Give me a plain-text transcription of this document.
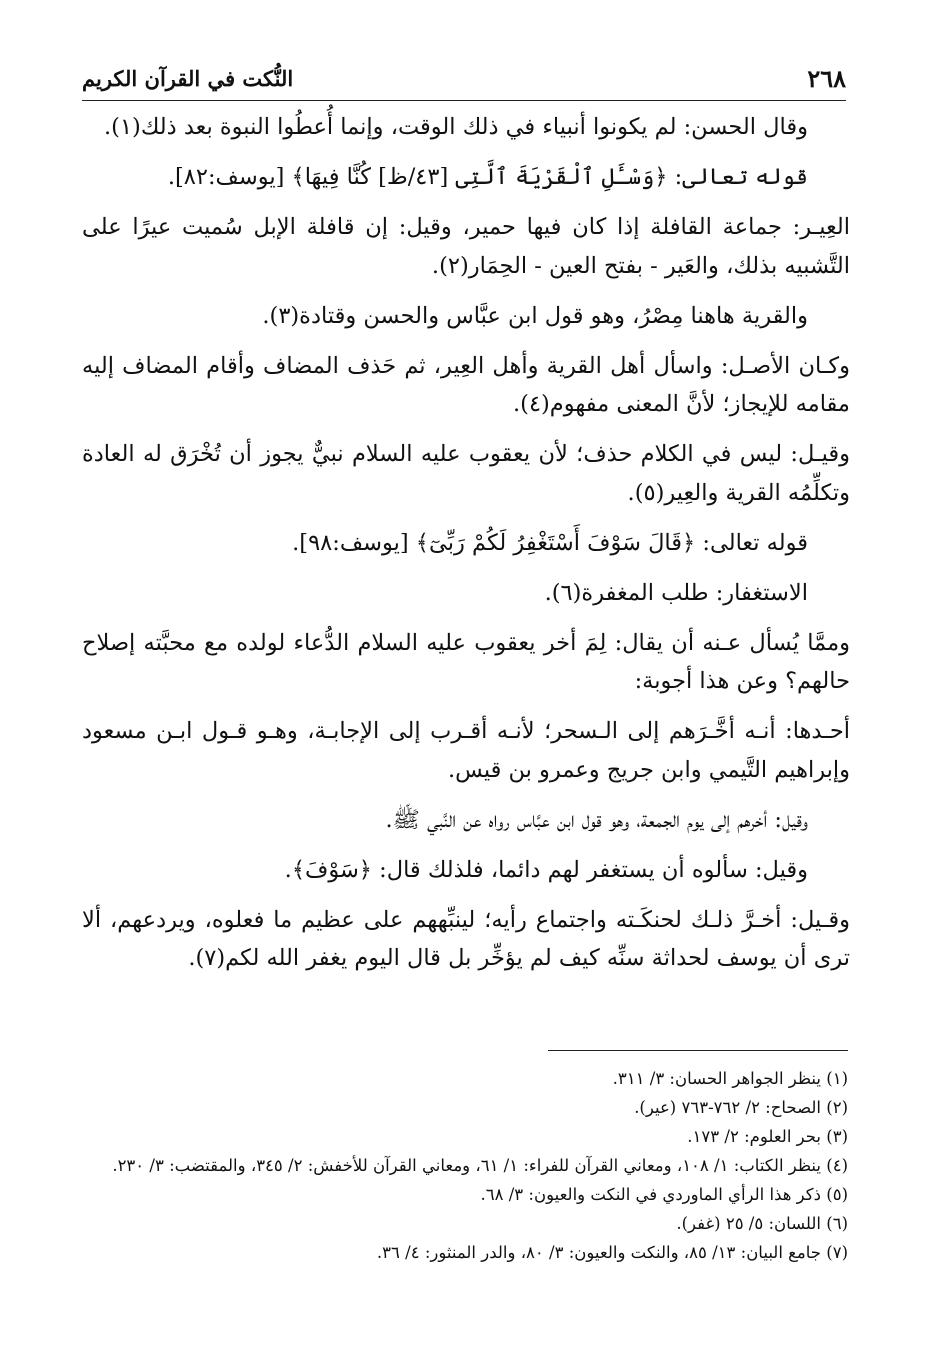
٢٦٨
النُّكت في القرآن الكريم

وقال الحسن: لم يكونوا أنبياء في ذلك الوقت، وإنما أُعطُوا النبوة بعد ذلك(١).

قوله تعالى: ﴿وَسْـَٔلِ ٱلْقَرْيَةَ ٱلَّتِى [٤٣/ظ] كُنَّا فِيهَا﴾ [يوسف:٨٢].

العِيـر: جماعة القافلة إذا كان فيها حمير، وقيل: إن قافلة الإبل سُميت عيرًا على التَّشبيه بذلك، والعَير - بفتح العين - الحِمَار(٢).

والقرية هاهنا مِصْرُ، وهو قول ابن عبَّاس والحسن وقتادة(٣).

وكـان الأصـل: واسأل أهل القرية وأهل العِير، ثم حَذف المضاف وأقام المضاف إليه مقامه للإيجاز؛ لأنَّ المعنى مفهوم(٤).

وقيـل: ليس في الكلام حذف؛ لأن يعقوب عليه السلام نبيٌّ يجوز أن تُخْرَق له العادة وتكلِّمُه القرية والعِير(٥).

قوله تعالى: ﴿قَالَ سَوْفَ أَسْتَغْفِرُ لَكُمْ رَبِّىٓ﴾ [يوسف:٩٨].

الاستغفار: طلب المغفرة(٦).

وممَّا يُسأل عـنه أن يقال: لِمَ أخر يعقوب عليه السلام الدُّعاء لولده مع محبَّته إصلاح حالهم؟ وعن هذا أجوبة:

أحـدها: أنـه أخَّـرَهم إلى الـسحر؛ لأنـه أقـرب إلى الإجابـة، وهـو قـول ابـن مسعود وإبراهيم التَّيمي وابن جريج وعمرو بن قيس.

وقيل: أخرهم إلى يوم الجمعة، وهو قول ابن عبَّاس رواه عن النَّبي ﷺ.

وقيل: سألوه أن يستغفر لهم دائما، فلذلك قال: ﴿سَوْفَ﴾.

وقـيل: أخـرَّ ذلـك لحنكَـته واجتماع رأيه؛ لينبِّههم على عظيم ما فعلوه، ويردعهم، ألا ترى أن يوسف لحداثة سنِّه كيف لم يؤخِّر بل قال اليوم يغفر الله لكم(٧).

(١) ينظر الجواهر الحسان: ٣/ ٣١١.

(٢) الصحاح: ٢/ ٧٦٢-٧٦٣ (عير).

(٣) بحر العلوم: ٢/ ١٧٣.

(٤) ينظر الكتاب: ١/ ١٠٨، ومعاني القرآن للفراء: ١/ ٦١، ومعاني القرآن للأخفش: ٢/ ٣٤٥، والمقتضب: ٣/ ٢٣٠.

(٥) ذكر هذا الرأي الماوردي في النكت والعيون: ٣/ ٦٨.

(٦) اللسان: ٥/ ٢٥ (غفر).

(٧) جامع البيان: ١٣/ ٨٥، والنكت والعيون: ٣/ ٨٠، والدر المنثور: ٤/ ٣٦.
